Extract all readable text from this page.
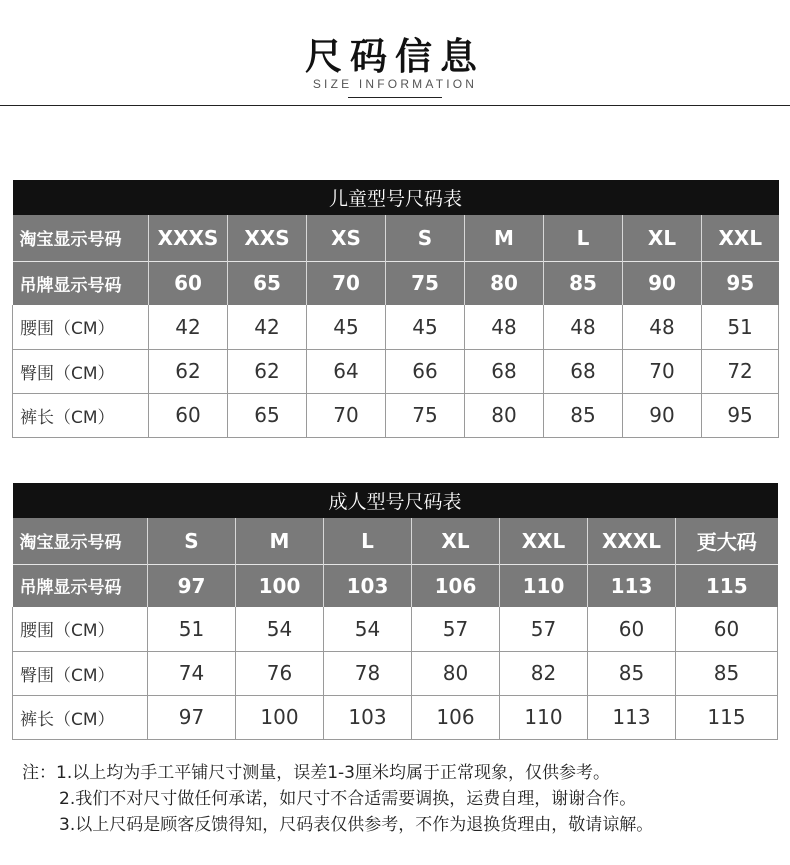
尺码信息
SIZE INFORMATION
儿童型号尺码表								
淘宝显示号码	XXXS	XXS	XS	S	M	L	XL	XXL
吊牌显示号码	60	65	70	75	80	85	90	95
腰围（CM）	42	42	45	45	48	48	48	51
臀围（CM）	62	62	64	66	68	68	70	72
裤长（CM）	60	65	70	75	80	85	90	95
成人型号尺码表							
淘宝显示号码	S	M	L	XL	XXL	XXXL	更大码
吊牌显示号码	97	100	103	106	110	113	115
腰围（CM）	51	54	54	57	57	60	60
臀围（CM）	74	76	78	80	82	85	85
裤长（CM）	97	100	103	106	110	113	115
注：1.以上均为手工平铺尺寸测量，误差1-3厘米均属于正常现象，仅供参考。
2.我们不对尺寸做任何承诺，如尺寸不合适需要调换，运费自理，谢谢合作。
3.以上尺码是顾客反馈得知，尺码表仅供参考，不作为退换货理由，敬请谅解。
